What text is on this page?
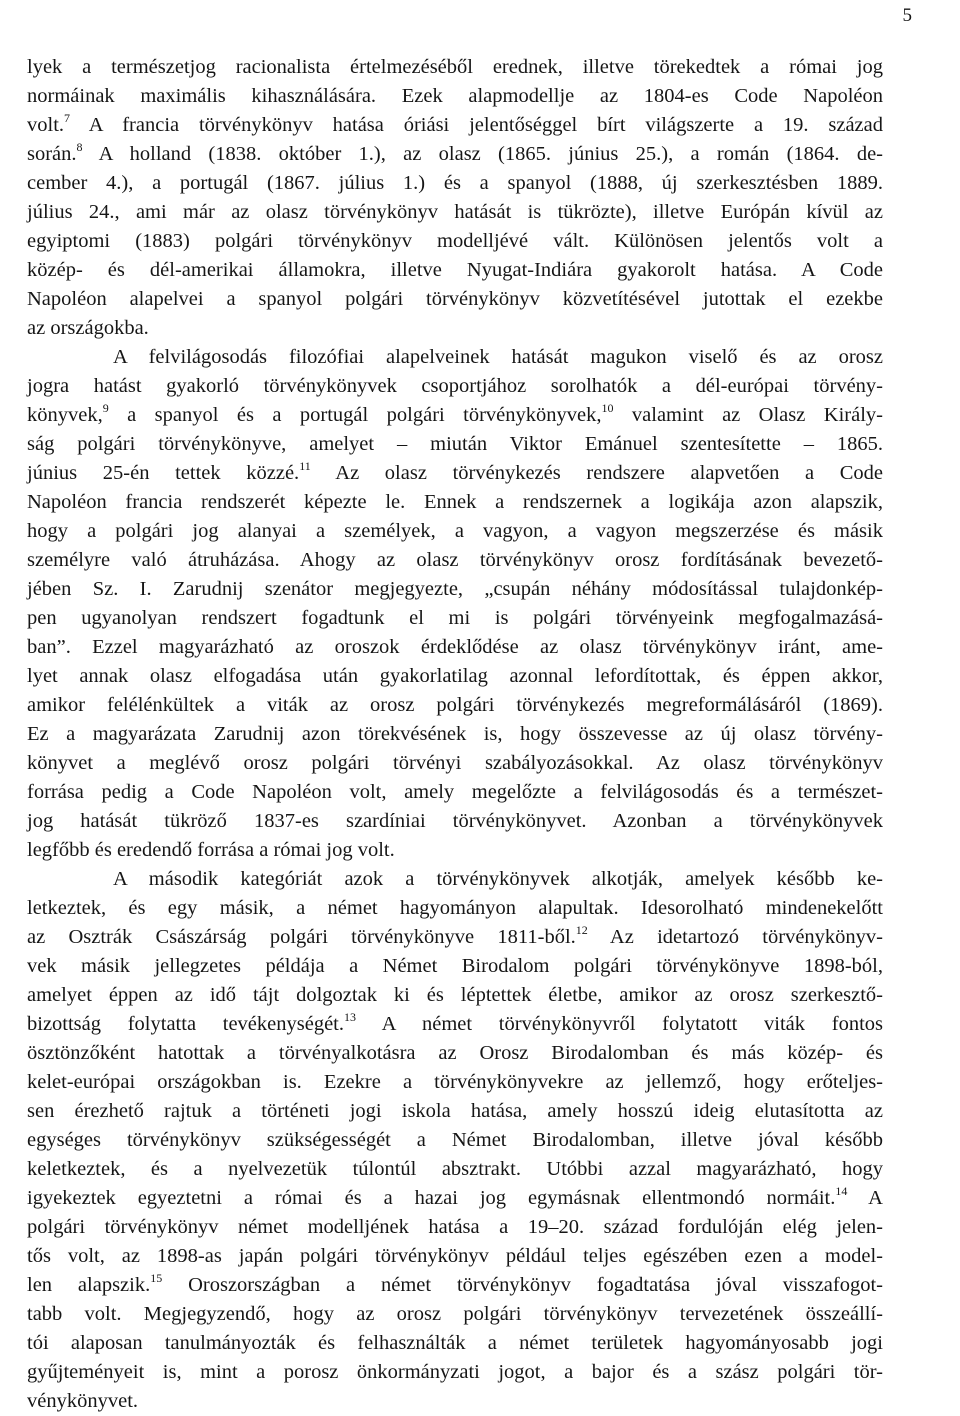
5
lyek a természetjog racionalista értelmezéséből erednek, illetve törekedtek a római jog
normáinak maximális kihasználására. Ezek alapmodellje az 1804-es Code Napoléon
volt.$^7$ A francia törvénykönyv hatása óriási jelentőséggel bírt világszerte a 19. század
során.$^8$ A holland (1838. október 1.), az olasz (1865. június 25.), a román (1864. de-
cember 4.), a portugál (1867. július 1.) és a spanyol (1888, új szerkesztésben 1889.
július 24., ami már az olasz törvénykönyv hatását is tükrözte), illetve Európán kívül az
egyiptomi (1883) polgári törvénykönyv modelljévé vált. Különösen jelentős volt a
közép- és dél-amerikai államokra, illetve Nyugat-Indiára gyakorolt hatása. A Code
Napoléon alapelvei a spanyol polgári törvénykönyv közvetítésével jutottak el ezekbe
az országokba.
A felvilágosodás filozófiai alapelveinek hatását magukon viselő és az orosz
jogra hatást gyakorló törvénykönyvek csoportjához sorolhatók a dél-európai törvény-
könyvek,$^9$ a spanyol és a portugál polgári törvénykönyvek,$^{10}$ valamint az Olasz Király-
ság polgári törvénykönyve, amelyet – miután Viktor Emánuel szentesítette – 1865.
június 25-én tettek közzé.$^{11}$ Az olasz törvénykezés rendszere alapvetően a Code
Napoléon francia rendszerét képezte le. Ennek a rendszernek a logikája azon alapszik,
hogy a polgári jog alanyai a személyek, a vagyon, a vagyon megszerzése és másik
személyre való átruházása. Ahogy az olasz törvénykönyv orosz fordításának bevezető-
jében Sz. I. Zarudnij szenátor megjegyezte, „csupán néhány módosítással tulajdonkép-
pen ugyanolyan rendszert fogadtunk el mi is polgári törvényeink megfogalmazásá-
ban”. Ezzel magyarázható az oroszok érdeklődése az olasz törvénykönyv iránt, ame-
lyet annak olasz elfogadása után gyakorlatilag azonnal lefordítottak, és éppen akkor,
amikor felélénkültek a viták az orosz polgári törvénykezés megreformálásáról (1869).
Ez a magyarázata Zarudnij azon törekvésének is, hogy összevesse az új olasz törvény-
könyvet a meglévő orosz polgári törvényi szabályozásokkal. Az olasz törvénykönyv
forrása pedig a Code Napoléon volt, amely megelőzte a felvilágosodás és a természet-
jog hatását tükröző 1837-es szardíniai törvénykönyvet. Azonban a törvénykönyvek
legfőbb és eredendő forrása a római jog volt.
A második kategóriát azok a törvénykönyvek alkotják, amelyek később ke-
letkeztek, és egy másik, a német hagyományon alapultak. Idesorolható mindenekelőtt
az Osztrák Császárság polgári törvénykönyve 1811-ből.$^{12}$ Az idetartozó törvénykönyv-
vek másik jellegzetes példája a Német Birodalom polgári törvénykönyve 1898-ból,
amelyet éppen az idő tájt dolgoztak ki és léptettek életbe, amikor az orosz szerkesztő-
bizottság folytatta tevékenységét.$^{13}$ A német törvénykönyvről folytatott viták fontos
ösztönzőként hatottak a törvényalkotásra az Orosz Birodalomban és más közép- és
kelet-európai országokban is. Ezekre a törvénykönyvekre az jellemző, hogy erőteljes-
sen érezhető rajtuk a történeti jogi iskola hatása, amely hosszú ideig elutasította az
egységes törvénykönyv szükségességét a Német Birodalomban, illetve jóval később
keletkeztek, és a nyelvezetük túlontúl absztrakt. Utóbbi azzal magyarázható, hogy
igyekeztek egyeztetni a római és a hazai jog egymásnak ellentmondó normáit.$^{14}$ A
polgári törvénykönyv német modelljének hatása a 19–20. század fordulóján elég jelen-
tős volt, az 1898-as japán polgári törvénykönyv például teljes egészében ezen a model-
len alapszik.$^{15}$ Oroszországban a német törvénykönyv fogadtatása jóval visszafogot-
tabb volt. Megjegyzendő, hogy az orosz polgári törvénykönyv tervezetének összeállí-
tói alaposan tanulmányozták és felhasználták a német területek hagyományosabb jogi
gyűjteményeit is, mint a porosz önkormányzati jogot, a bajor és a szász polgári tör-
vénykönyvet.
